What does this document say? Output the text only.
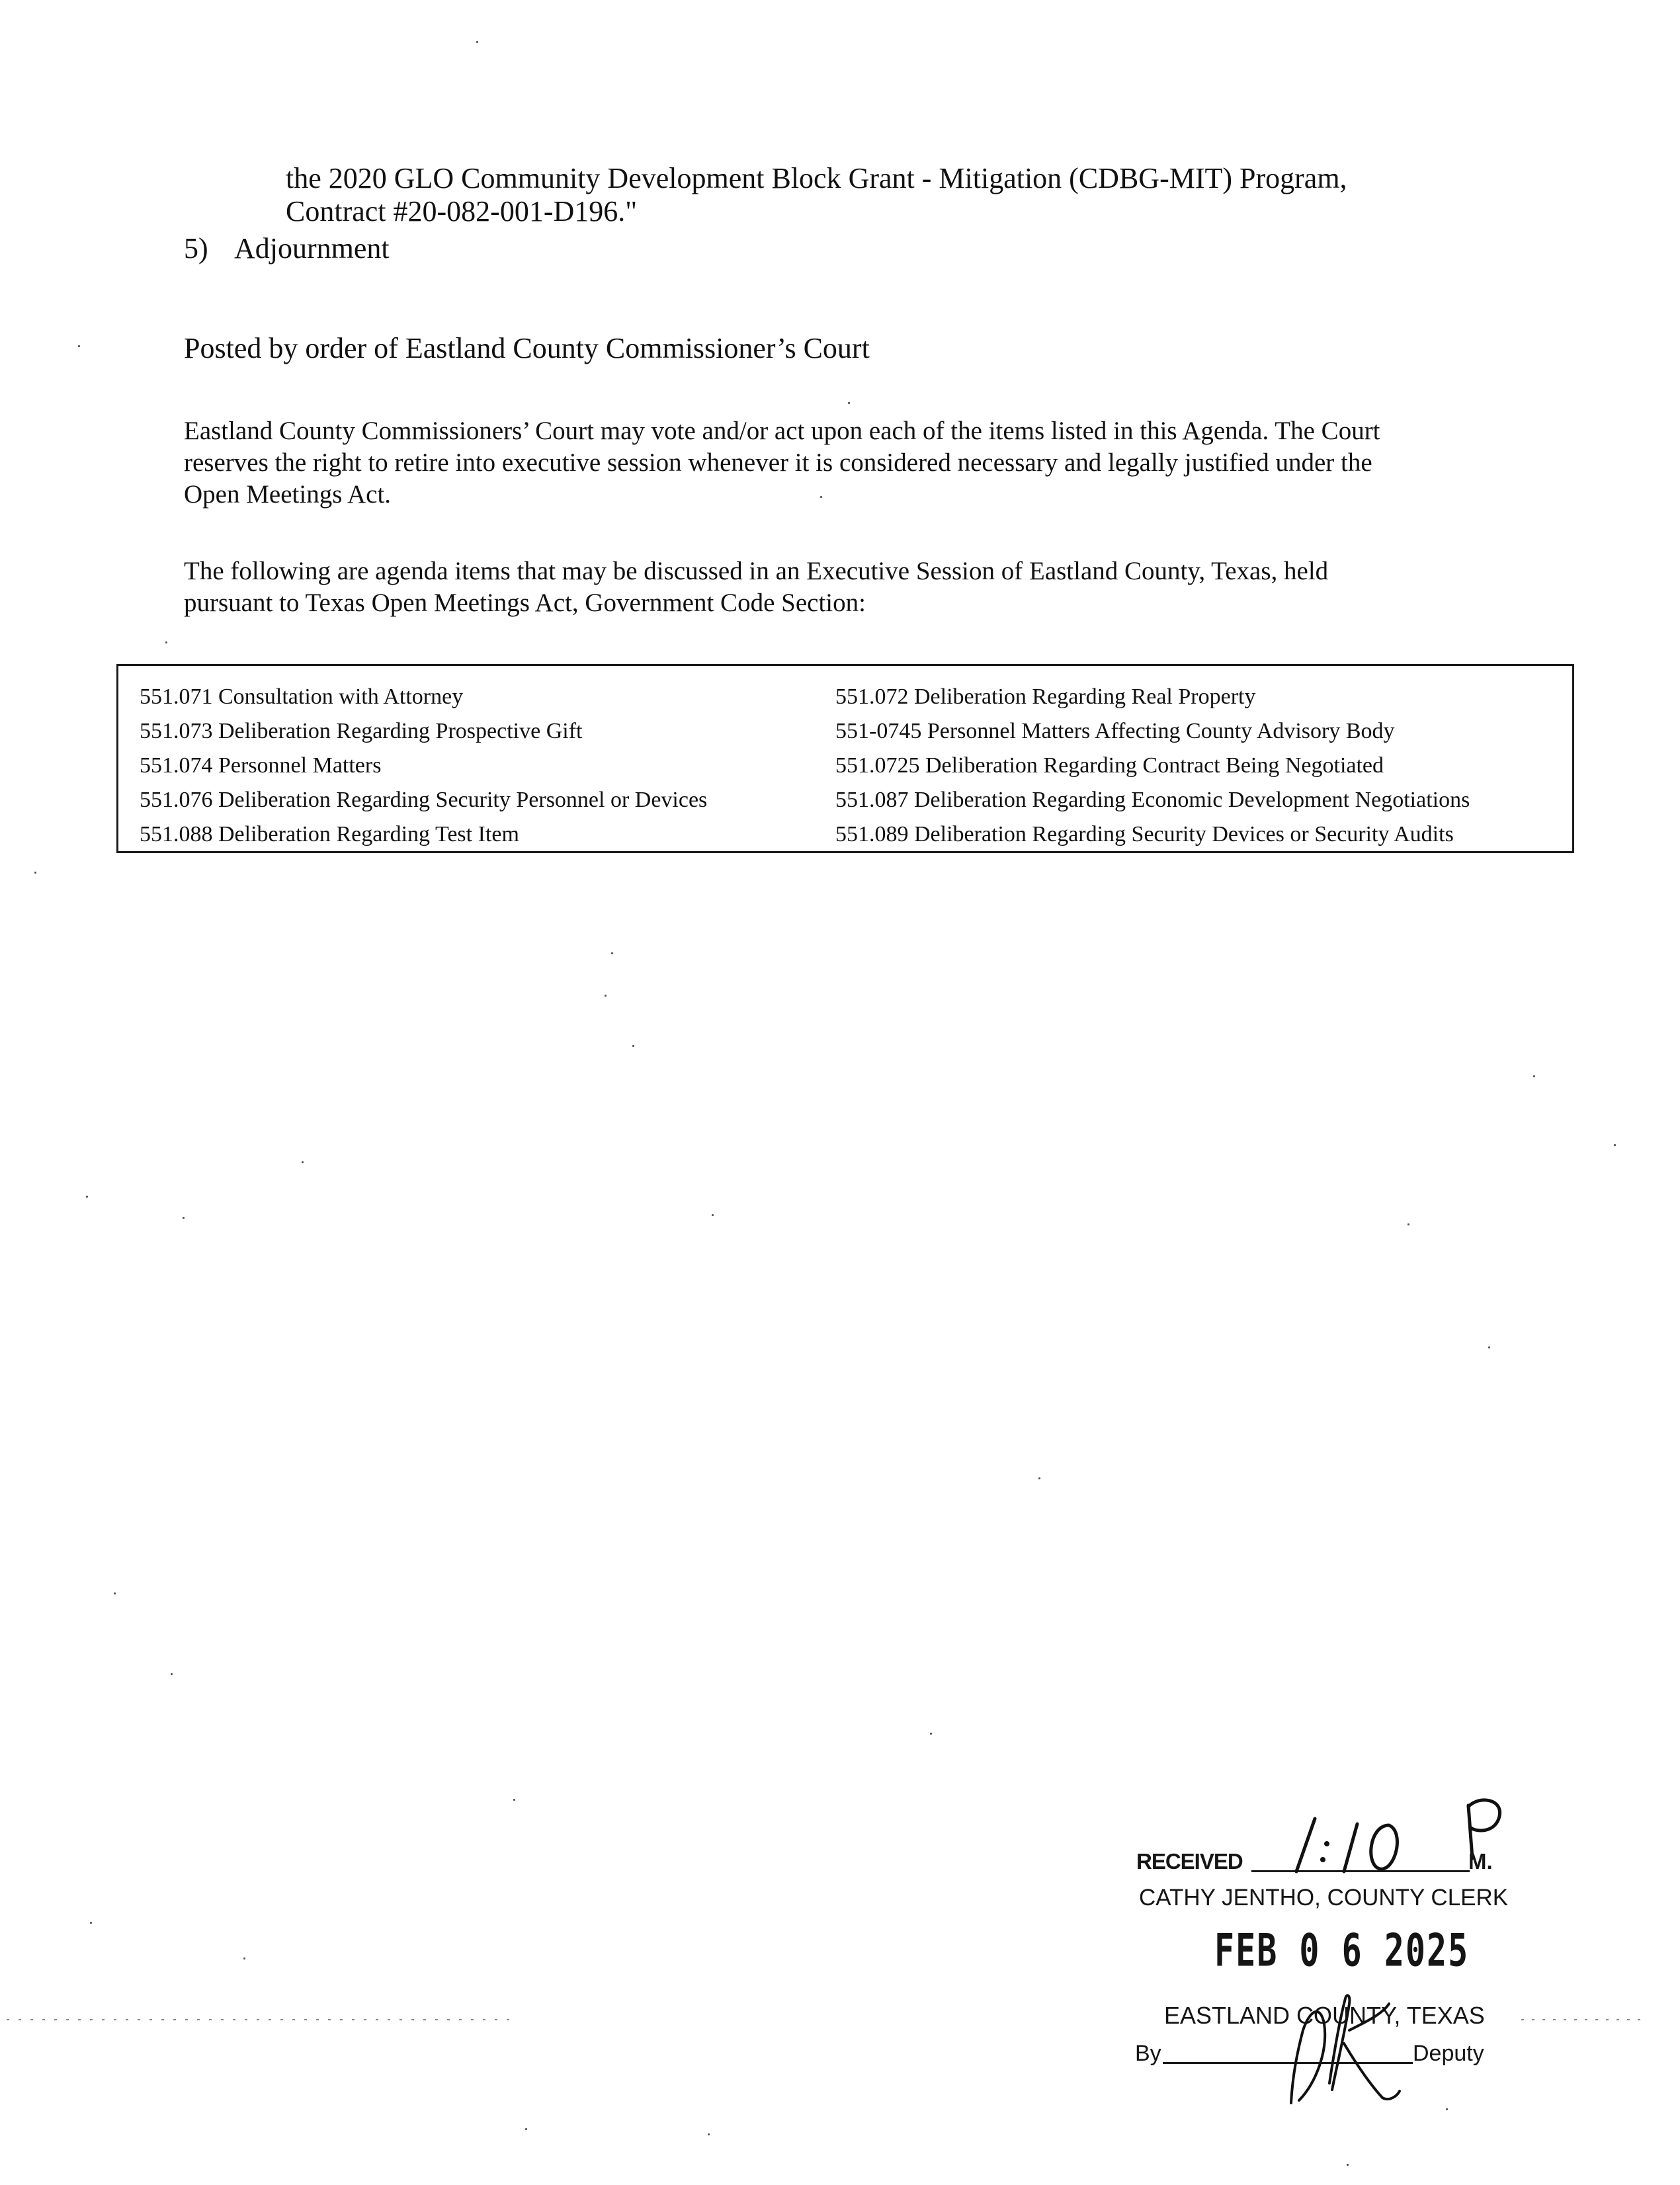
the 2020 GLO Community Development Block Grant - Mitigation (CDBG-MIT) Program,
Contract #20-082-001-D196."
5) Adjournment
Posted by order of Eastland County Commissioner’s Court
Eastland County Commissioners’ Court may vote and/or act upon each of the items listed in this Agenda. The Court
reserves the right to retire into executive session whenever it is considered necessary and legally justified under the
Open Meetings Act.
The following are agenda items that may be discussed in an Executive Session of Eastland County, Texas, held
pursuant to Texas Open Meetings Act, Government Code Section:
551.071 Consultation with Attorney
551.073 Deliberation Regarding Prospective Gift
551.074 Personnel Matters
551.076 Deliberation Regarding Security Personnel or Devices
551.088 Deliberation Regarding Test Item
551.072 Deliberation Regarding Real Property
551-0745 Personnel Matters Affecting County Advisory Body
551.0725 Deliberation Regarding Contract Being Negotiated
551.087 Deliberation Regarding Economic Development Negotiations
551.089 Deliberation Regarding Security Devices or Security Audits
RECEIVED	M.
CATHY JENTHO, COUNTY CLERK
FEB 0 6 2025
EASTLAND COUNTY, TEXAS
By	Deputy
